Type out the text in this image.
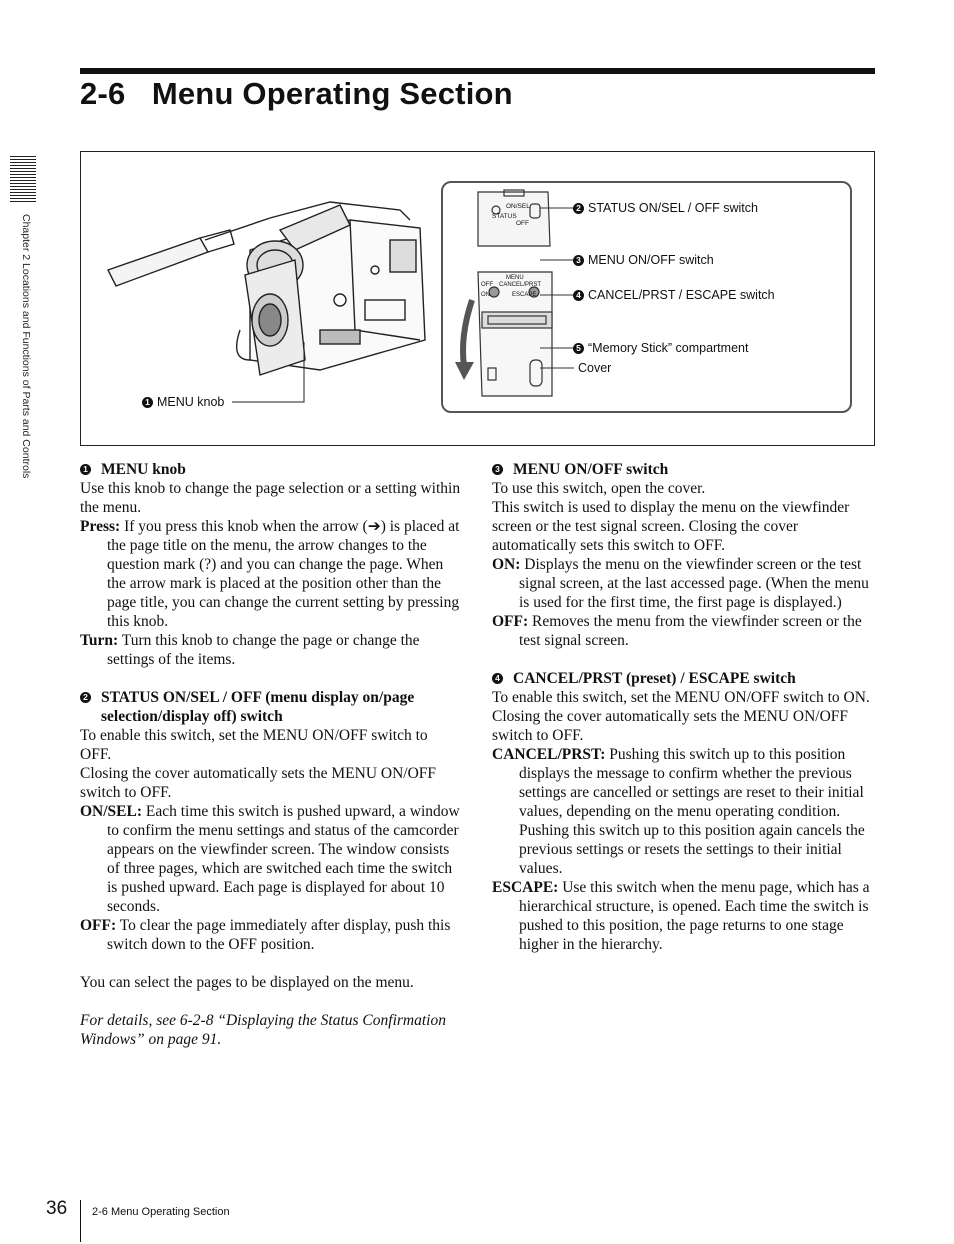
2-6   Menu Operating Section
Chapter 2 Locations and Functions of Parts and Controls
ON/SEL
STATUS
OFF
MENU
CANCEL/PRST
OFF
ON	ESCAPE
2 STATUS ON/SEL / OFF switch
3 MENU ON/OFF switch
4 CANCEL/PRST / ESCAPE switch
5 “Memory Stick” compartment
Cover
1 MENU knob
1 MENU knob

Use this knob to change the page selection or a setting within the menu.

Press: If you press this knob when the arrow (➔) is placed at the page title on the menu, the arrow changes to the question mark (?) and you can change the page. When the arrow mark is placed at the position other than the page title, you can change the current setting by pressing this knob.

Turn: Turn this knob to change the page or change the settings of the items.

2 STATUS ON/SEL / OFF (menu display on/page selection/display off) switch

To enable this switch, set the MENU ON/OFF switch to OFF.

Closing the cover automatically sets the MENU ON/OFF switch to OFF.

ON/SEL: Each time this switch is pushed upward, a window to confirm the menu settings and status of the camcorder appears on the viewfinder screen. The window consists of three pages, which are switched each time the switch is pushed upward. Each page is displayed for about 10 seconds.

OFF: To clear the page immediately after display, push this switch down to the OFF position.

You can select the pages to be displayed on the menu.

For details, see 6-2-8 “Displaying the Status Confirmation Windows” on page 91.

3 MENU ON/OFF switch

To use this switch, open the cover.

This switch is used to display the menu on the viewfinder screen or the test signal screen. Closing the cover automatically sets this switch to OFF.

ON: Displays the menu on the viewfinder screen or the test signal screen, at the last accessed page. (When the menu is used for the first time, the first page is displayed.)

OFF: Removes the menu from the viewfinder screen or the test signal screen.

4 CANCEL/PRST (preset) / ESCAPE switch

To enable this switch, set the MENU ON/OFF switch to ON.

Closing the cover automatically sets the MENU ON/OFF switch to OFF.

CANCEL/PRST: Pushing this switch up to this position displays the message to confirm whether the previous settings are cancelled or settings are reset to their initial values, depending on the menu operating condition.

Pushing this switch up to this position again cancels the previous settings or resets the settings to their initial values.

ESCAPE: Use this switch when the menu page, which has a hierarchical structure, is opened. Each time the switch is pushed to this position, the page returns to one stage higher in the hierarchy.

36 2-6 Menu Operating Section
